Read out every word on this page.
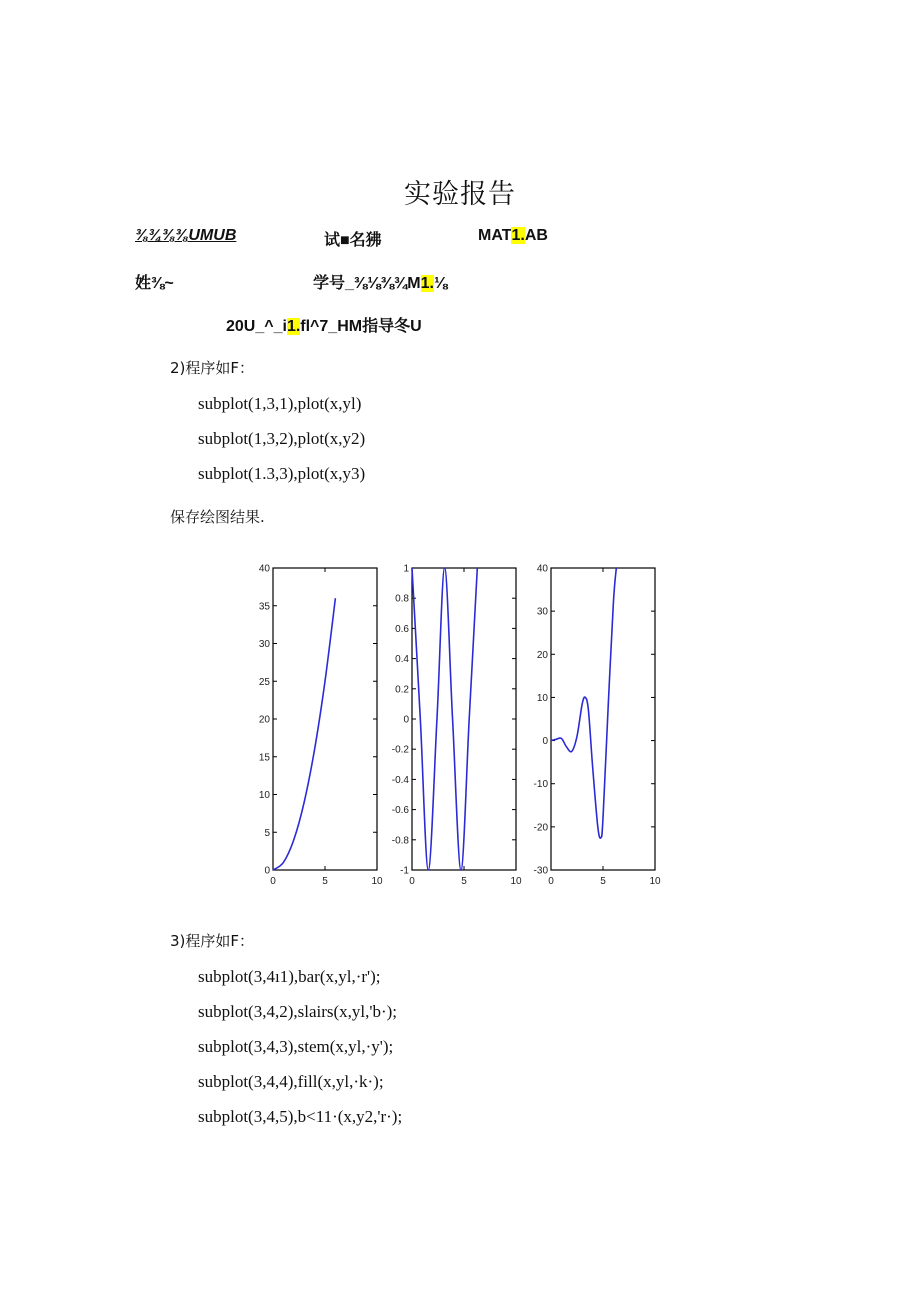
实验报告
⅜¾⅜⅜UMUB	试■名狒	MAT1.AB
姓⅜~	学号_⅜⅛⅜¾M1.⅛
20U_^_i1.fl^7_HM指导冬U
2)程序如F：
subplot(1,3,1),plot(x,yl)
subplot(1,3,2),plot(x,y2)
subplot(1.3,3),plot(x,y3)
保存绘图结果.
0
5
10
15
20
25
30
35
40
0	5	10
-1
-0.8
-0.6
-0.4
-0.2
0
0.2
0.4
0.6
0.8
1
0	5	10
-30
-20
-10
0
10
20
30
40
0	5	10
3)程序如F：
subplot(3,4ı1),bar(x,yl,·r');
subplot(3,4,2),slairs(x,yl,'b·);
subplot(3,4,3),stem(x,yl,·y');
subplot(3,4,4),fill(x,yl,·k·);
subplot(3,4,5),b<11·(x,y2,'r·);
